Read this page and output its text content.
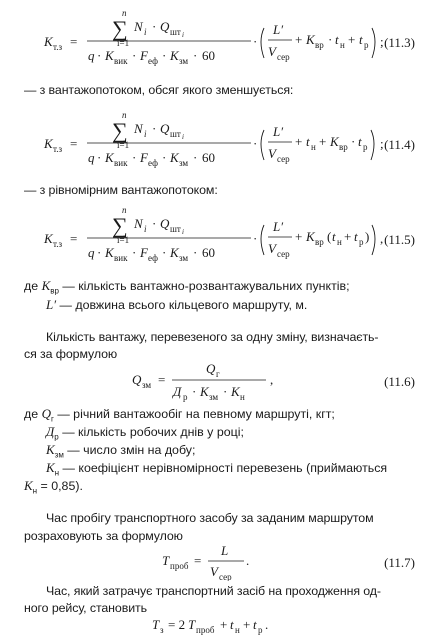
K т.з =
n
∑
i=1
N i · Q шт i
q · K вик · F еф · K зм · 60
·
L′
V сер
+ K вр · t н + t р ; (11.3)
— з вантажопотоком, обсяг якого зменшується:
K т.з =
n
∑
i=1
N i · Q шт i
q · K вик · F еф · K зм · 60
·
L′
V сер
+ t н + K вр · t р ; (11.4)
— з рівномірним вантажопотоком:
K т.з =
n
∑
i=1
N i · Q шт i
q · K вик · F еф · K зм · 60
·
L′
V сер
+ K вр ( t н + t р ) , (11.5)
де $K_{вр}$ — кількість вантажно-розвантажувальних пунктів;
L′ — довжина всього кільцевого маршруту, м.
Кількість вантажу, перевезеного за одну зміну, визначаєть-
ся за формулою
Q зм =
Q г
Д р · K зм · K н
,	(11.6)
де $Q_г$ — річний вантажообіг на певному маршруті, кгт;
$Д_р$ — кількість робочих днів у році;
$K_{зм}$ — число змін на добу;
$K_н$ — коефіцієнт нерівномірності перевезень (приймаються
$K_н = 0,85$).
Час пробігу транспортного засобу за заданим маршрутом
розраховують за формулою
T проб =
L
V сер
.	(11.7)
Час, який затрачує транспортний засіб на проходження од-
ного рейсу, становить
T з = 2 T проб + t н + t р .
